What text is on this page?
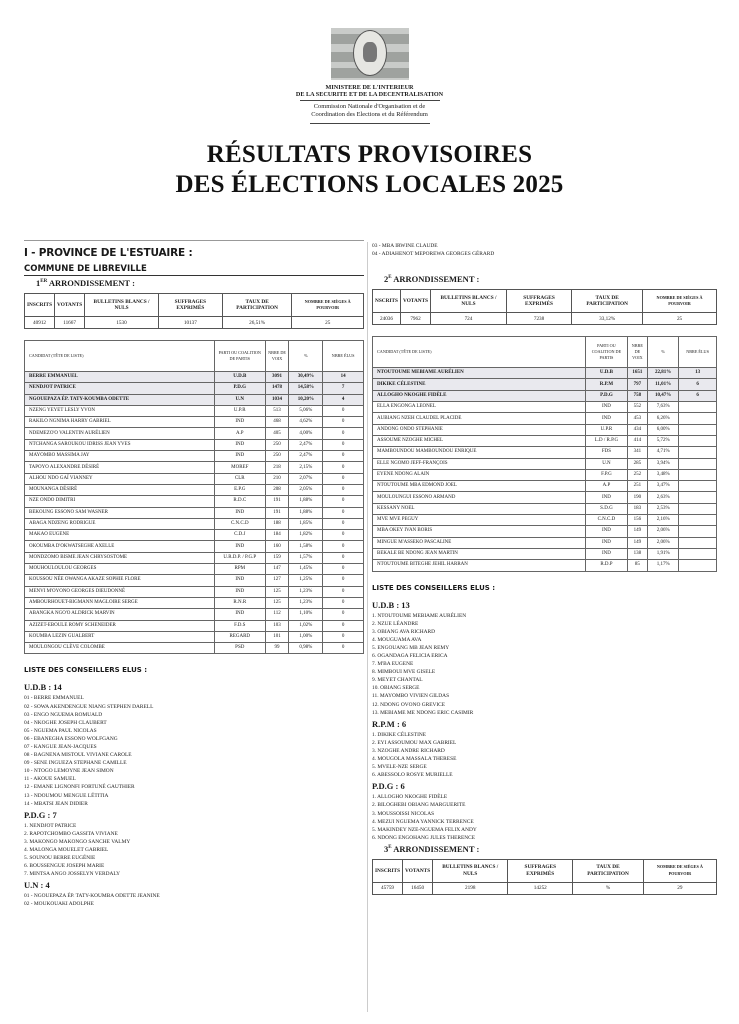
MINISTERE DE L'INTERIEUR
DE LA SECURITE ET DE LA DECENTRALISATION
Commission Nationale d'Organisation et de
Coordination des Elections et du Référendum
RÉSULTATS PROVISOIRES
DES ÉLECTIONS LOCALES 2025
I - PROVINCE DE L'ESTUAIRE :
COMMUNE DE LIBREVILLE
1ER ARRONDISSEMENT :
INSCRITS	VOTANTS	BULLETINS BLANCS / NULS	SUFFRAGES EXPRIMÉS	TAUX DE PARTICIPATION	NOMBRE DE SIÈGES À POURVOIR
40912	11667	1530	10137	26,51%	25
CANDIDAT (TÊTE DE LISTE)	PARTI OU COALITION DE PARTIS	NBRE DE VOIX	%	NBRE ÉLUS
BERRE EMMANUEL	U.D.B	3091	30,49%	14
NENDJOT PATRICE	P.D.G	1478	14,58%	7
NGOUEPAZA ÉP. TATY-KOUMBA ODETTE	U.N	1034	10,20%	4
NZENG YEYET LESLY YVON	U.P.R	513	5,06%	0
RAKILO NGNIMA HARRY GABRIEL	IND	468	4,62%	0
NDEMEZO'O VALENTIN AURÉLIEN	A.P	405	4,00%	0
NTCHANGA SAROUKOU IDRISS JEAN YVES	IND	250	2,47%	0
MAYOMBO MASSIMA JAY	IND	250	2,47%	0
TAPOYO ALEXANDRE DÉSIRÉ	MOREF	218	2,15%	0
ALHOU NDO GAÏ VIANNEY	CLR	210	2,07%	0
MOUNANGA DÉSIRÉ	E.P.G	208	2,05%	0
NZE ONDO DIMITRI	R.D.C	191	1,88%	0
BEKOUNG ESSONO SAM WASNER	IND	191	1,88%	0
ABAGA NDZENG RODRIGUE	C.N.C.D	188	1,85%	0
MAKAO EUGENE	C.D.J	184	1,82%	0
OKOUMBA D'OKWATSEGHE AXELLE	IND	160	1,58%	0
MONDZOMO BISME JEAN CHRYSOSTOME	U.R.D.P. / P.G.P	159	1,57%	0
MOUHOULOULOU GEORGES	RPM	147	1,45%	0
KOUSSOU NÉE OWANGA AKAZE SOPHIE FLORE	IND	127	1,25%	0
MENVI M'OYONO GEORGES DIEUDONNÉ	IND	125	1,23%	0
AMBOURHOUET-BIGMANN MAGLOIRE SERGE	R.N.R	125	1,23%	0
ABANGKA NGO'O ALDRICK MARVIN	IND	112	1,10%	0
AZIZET-EBOULE ROMY SCHENEIDER	F.D.S	103	1,02%	0
KOUMBA LEZIN GUALBERT	REGARD	101	1,00%	0
MOULONGOU CLÈVE COLOMBE	PSD	99	0,98%	0
LISTE DES CONSEILLERS ELUS :
U.D.B : 14
01 - BERRE EMMANUEL
02 - SOWA AKENDENGUE NIANG STEPHEN DARELL
03 - ENGO NGUEMA ROMUALD
04 - NKOGHE JOSEPH CLAUBERT
05 - NGUEMA PAUL NICOLAS
06 - EBANEGHA ESSONO WOLFGANG
07 - KANGUE JEAN-JACQUES
08 - BAGNENA MISTOUL VIVIANE CAROLE
09 - SENE INGUEZA STEPHANE CAMILLE
10 - NTOGO LEMOYNE JEAN SIMON
11 - AKOUE SAMUEL
12 - EMANE LIGNONFI FORTUNÉ GAUTHIER
13 - NDOUMOU MENGUE LÉTITIA
14 - MBATSI JEAN DIDIER
P.D.G : 7
1. NENDJOT PATRICE
2. RAPOTCHOMBO GASSITA VIVIANE
3. MAKONGO MAKONGO SANCHE VALMY
4. MALONGA MOUELET GABRIEL
5. SOUNOU BERRE EUGÉNIE
6. BOUSSENGUE JOSEPH MARIE
7. MINTSA ANGO JOSSELYN VERDALY
U.N : 4
01 - NGOUEPAZA ÉP. TATY-KOUMBA ODETTE JEANINE
02 - MOUKOUAKI ADOLPHE
03 - MBA IRWINE CLAUDE
04 - ADIAHENOT MEPOREWA GEORGES GÉRARD
$2^E$ ARRONDISSEMENT :
NSCRITS	VOTANTS	BULLETINS BLANCS / NULS	SUFFRAGES EXPRIMÉS	TAUX DE PARTICIPATION	NOMBRE DE SIÈGES À POURVOIR
24036	7962	724	7238	33,12%	25
CANDIDAT (TÊTE DE LISTE)	PARTI OU COALITION DE PARTIS	NBRE DE VOIX	%	NBRE ÉLUS
NTOUTOUME MEBIAME AURÉLIEN	U.D.B	1651	22,81%	13
DIKIKE CÉLESTINE	R.P.M	797	11,01%	6
ALLOGHO NKOGHE FIDÈLE	P.D.G	758	10,47%	6
ELLA ENGONGA LEONEL	IND	552	7,63%	
AUBIANG NZEH CLAUDEL PLACIDE	IND	453	6,26%	
ANDONG ONDO STEPHANIE	U.P.R	434	6,00%	
ASSOUME NZOGHE MICHEL	L.D / R.P.G	414	5,72%	
MAMBOUNDOU MAMBOUNDOU ENRIQUE	FDS	341	4,71%	
ELLE NGOMO JEFF-FRANÇOIS	U.N	285	3,94%	
EYENE NDONG ALAIN	F.P.G	252	3,48%	
NTOUTOUME MBA EDMOND JOEL	A.P	251	3,47%	
MOULOUNGUI ESSONO ARMAND	IND	190	2,63%	
KESSANY NOEL	S.D.G	183	2,53%	
MVE MVE PEGUY	C.N.C.D	156	2,16%	
MBA OKEY IVAN BORIS	IND	149	2,06%	
MINGUE M'ASSEKO PASCALINE	IND	149	2,06%	
BEKALE BE NDONG JEAN MARTIN	IND	138	1,91%	
NTOUTOUME BITEGHE JEHIL HARRAN	R.D.P	85	1,17%	
LISTE DES CONSEILLERS ELUS :
U.D.B : 13
1. NTOUTOUME MEBIAME AURÉLIEN
2. NZUE LÉANDRE
3. OBIANG AVA RICHARD
4. MOUGUAMA AVA
5. ENGOUANG MB JEAN REMY
6. OGANDAGA FELICIA ERICA
7. M'BA EUGENE
8. MIMBOUI MVE GISELE
9. MEYET CHANTAL
10. OBIANG SERGE
11. MAYOMBO VIVIEN GILDAS
12. NDONG OVONO GREVICE
13. MEBIAME ME NDONG ERIC CASIMIR
R.P.M : 6
1. DIKIKE CÉLESTINE
2. EYI ASSOUMOU MAX GABRIEL
3. NZOGHE ANDRE RICHARD
4. MOUGOLA MASSALA THERESE
5. MVELE-NZE SERGE
6. ABESSOLO ROSYE MURIELLE
P.D.G : 6
1. ALLOGHO NKOGHE FIDÈLE
2. BILOGHEBI OBIANG MARGUERITE
3. MOUSSOISSI NICOLAS
4. MEZUI NGUEMA YANNICK TERRENCE
5. MAKINDEY NZE-NGUEMA FELIX ANDY
6. NDONG ENGOHANG JULES THERENCE
$3^E$ ARRONDISSEMENT :
INSCRITS	VOTANTS	BULLETINS BLANCS / NULS	SUFFRAGES EXPRIMÉS	TAUX DE PARTICIPATION	NOMBRE DE SIÈGES À POURVOIR
45759	16450	2198	14252	%	29
